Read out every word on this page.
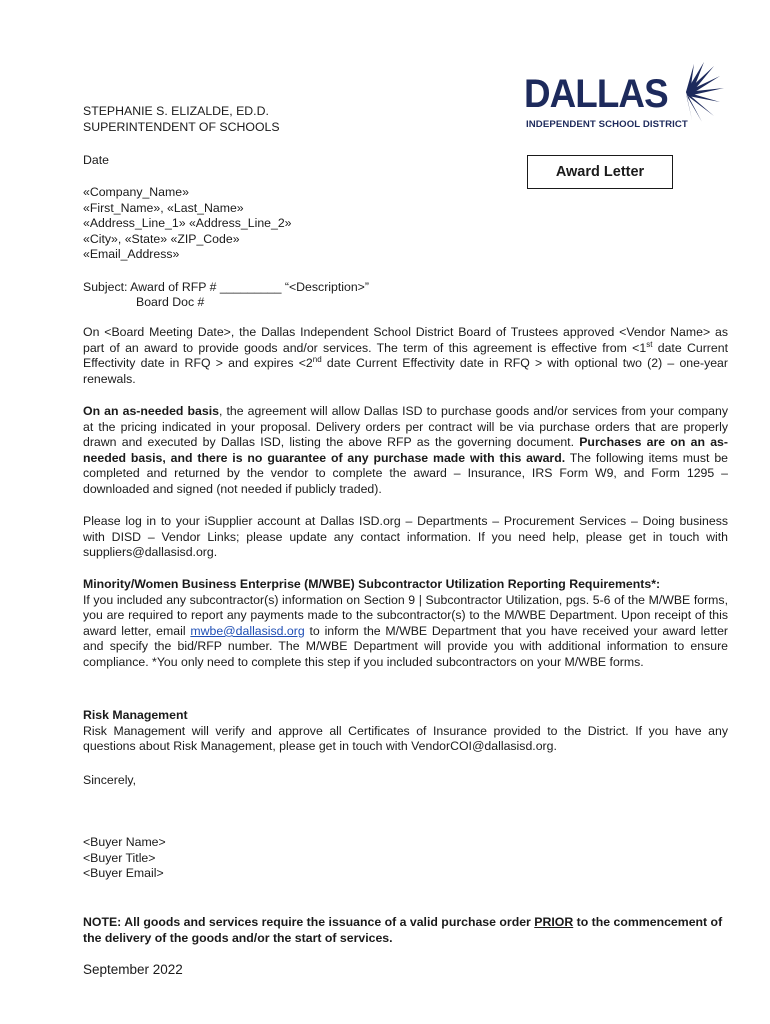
STEPHANIE S. ELIZALDE, ED.D.
SUPERINTENDENT OF SCHOOLS
DALLAS
INDEPENDENT SCHOOL DISTRICT
Award Letter
Date
«Company_Name»
«First_Name», «Last_Name»
«Address_Line_1» «Address_Line_2»
«City», «State» «ZIP_Code»
«Email_Address»
Subject: Award of RFP # _________ “<Description>”
Board Doc #
On <Board Meeting Date>, the Dallas Independent School District Board of Trustees approved <Vendor Name> as part of an award to provide goods and/or services. The term of this agreement is effective from <1st date Current Effectivity date in RFQ > and expires <2nd date Current Effectivity date in RFQ > with optional two (2) – one-year renewals.
On an as-needed basis, the agreement will allow Dallas ISD to purchase goods and/or services from your company at the pricing indicated in your proposal. Delivery orders per contract will be via purchase orders that are properly drawn and executed by Dallas ISD, listing the above RFP as the governing document. Purchases are on an as-needed basis, and there is no guarantee of any purchase made with this award. The following items must be completed and returned by the vendor to complete the award – Insurance, IRS Form W9, and Form 1295 – downloaded and signed (not needed if publicly traded).
Please log in to your iSupplier account at Dallas ISD.org – Departments – Procurement Services – Doing business with DISD – Vendor Links; please update any contact information. If you need help, please get in touch with suppliers@dallasisd.org.
Minority/Women Business Enterprise (M/WBE) Subcontractor Utilization Reporting Requirements*:
If you included any subcontractor(s) information on Section 9 | Subcontractor Utilization, pgs. 5-6 of the M/WBE forms, you are required to report any payments made to the subcontractor(s) to the M/WBE Department. Upon receipt of this award letter, email mwbe@dallasisd.org to inform the M/WBE Department that you have received your award letter and specify the bid/RFP number. The M/WBE Department will provide you with additional information to ensure compliance. *You only need to complete this step if you included subcontractors on your M/WBE forms.
Risk Management
Risk Management will verify and approve all Certificates of Insurance provided to the District. If you have any questions about Risk Management, please get in touch with VendorCOI@dallasisd.org.
Sincerely,
<Buyer Name>
<Buyer Title>
<Buyer Email>
NOTE: All goods and services require the issuance of a valid purchase order PRIOR to the commencement of the delivery of the goods and/or the start of services.
September 2022
